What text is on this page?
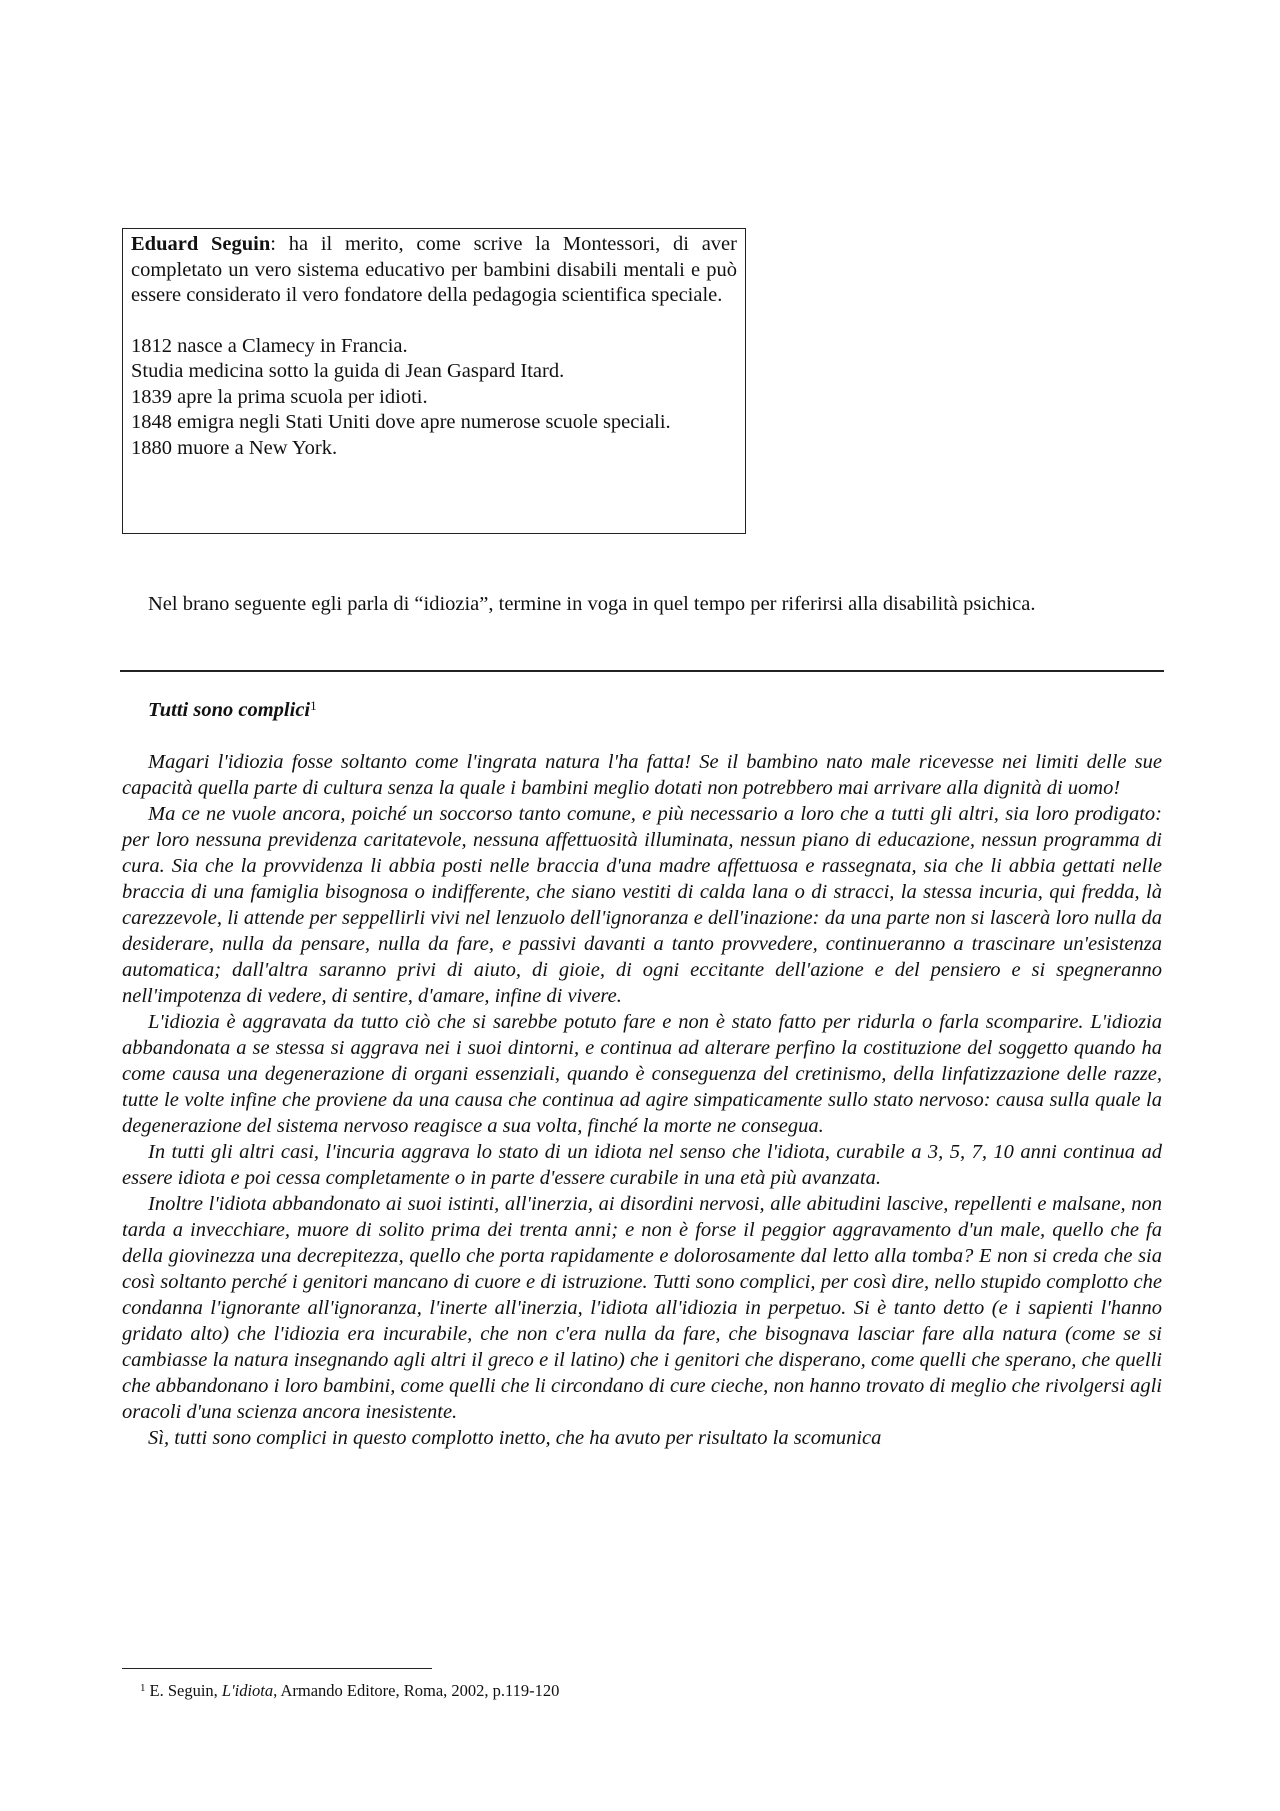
Eduard Seguin: ha il merito, come scrive la Montessori, di aver completato un vero sistema educativo per bambini disabili mentali e può essere considerato il vero fondatore della pedagogia scientifica speciale.

1812 nasce a Clamecy in Francia.

Studia medicina sotto la guida di Jean Gaspard Itard.

1839 apre la prima scuola per idioti.

1848 emigra negli Stati Uniti dove apre numerose scuole speciali.

1880 muore a New York.

Nel brano seguente egli parla di “idiozia”, termine in voga in quel tempo per riferirsi alla disabilità psichica.

Tutti sono complici$^1$

Magari l'idiozia fosse soltanto come l'ingrata natura l'ha fatta! Se il bambino nato male ricevesse nei limiti delle sue capacità quella parte di cultura senza la quale i bambini meglio dotati non potrebbero mai arrivare alla dignità di uomo!

Ma ce ne vuole ancora, poiché un soccorso tanto comune, e più necessario a loro che a tutti gli altri, sia loro prodigato: per loro nessuna previdenza caritatevole, nessuna affettuosità illuminata, nessun piano di educazione, nessun programma di cura. Sia che la provvidenza li abbia posti nelle braccia d'una madre affettuosa e rassegnata, sia che li abbia gettati nelle braccia di una famiglia bisognosa o indifferente, che siano vestiti di calda lana o di stracci, la stessa incuria, qui fredda, là carezzevole, li attende per seppellirli vivi nel lenzuolo dell'ignoranza e dell'inazione: da una parte non si lascerà loro nulla da desiderare, nulla da pensare, nulla da fare, e passivi davanti a tanto provvedere, continueranno a trascinare un'esistenza automatica; dall'altra saranno privi di aiuto, di gioie, di ogni eccitante dell'azione e del pensiero e si spegneranno nell'impotenza di vedere, di sentire, d'amare, infine di vivere.

L'idiozia è aggravata da tutto ciò che si sarebbe potuto fare e non è stato fatto per ridurla o farla scomparire. L'idiozia abbandonata a se stessa si aggrava nei i suoi dintorni, e continua ad alterare perfino la costituzione del soggetto quando ha come causa una degenerazione di organi essenziali, quando è conseguenza del cretinismo, della linfatizzazione delle razze, tutte le volte infine che proviene da una causa che continua ad agire simpaticamente sullo stato nervoso: causa sulla quale la degenerazione del sistema nervoso reagisce a sua volta, finché la morte ne consegua.

In tutti gli altri casi, l'incuria aggrava lo stato di un idiota nel senso che l'idiota, curabile a 3, 5, 7, 10 anni continua ad essere idiota e poi cessa completamente o in parte d'essere curabile in una età più avanzata.

Inoltre l'idiota abbandonato ai suoi istinti, all'inerzia, ai disordini nervosi, alle abitudini lascive, repellenti e malsane, non tarda a invecchiare, muore di solito prima dei trenta anni; e non è forse il peggior aggravamento d'un male, quello che fa della giovinezza una decrepitezza, quello che porta rapidamente e dolorosamente dal letto alla tomba? E non si creda che sia così soltanto perché i genitori mancano di cuore e di istruzione. Tutti sono complici, per così dire, nello stupido complotto che condanna l'ignorante all'ignoranza, l'inerte all'inerzia, l'idiota all'idiozia in perpetuo. Si è tanto detto (e i sapienti l'hanno gridato alto) che l'idiozia era incurabile, che non c'era nulla da fare, che bisognava lasciar fare alla natura (come se si cambiasse la natura insegnando agli altri il greco e il latino) che i genitori che disperano, come quelli che sperano, che quelli che abbandonano i loro bambini, come quelli che li circondano di cure cieche, non hanno trovato di meglio che rivolgersi agli oracoli d'una scienza ancora inesistente.

Sì, tutti sono complici in questo complotto inetto, che ha avuto per risultato la scomunica

$^1$ E. Seguin, L'idiota, Armando Editore, Roma, 2002, p.119-120
